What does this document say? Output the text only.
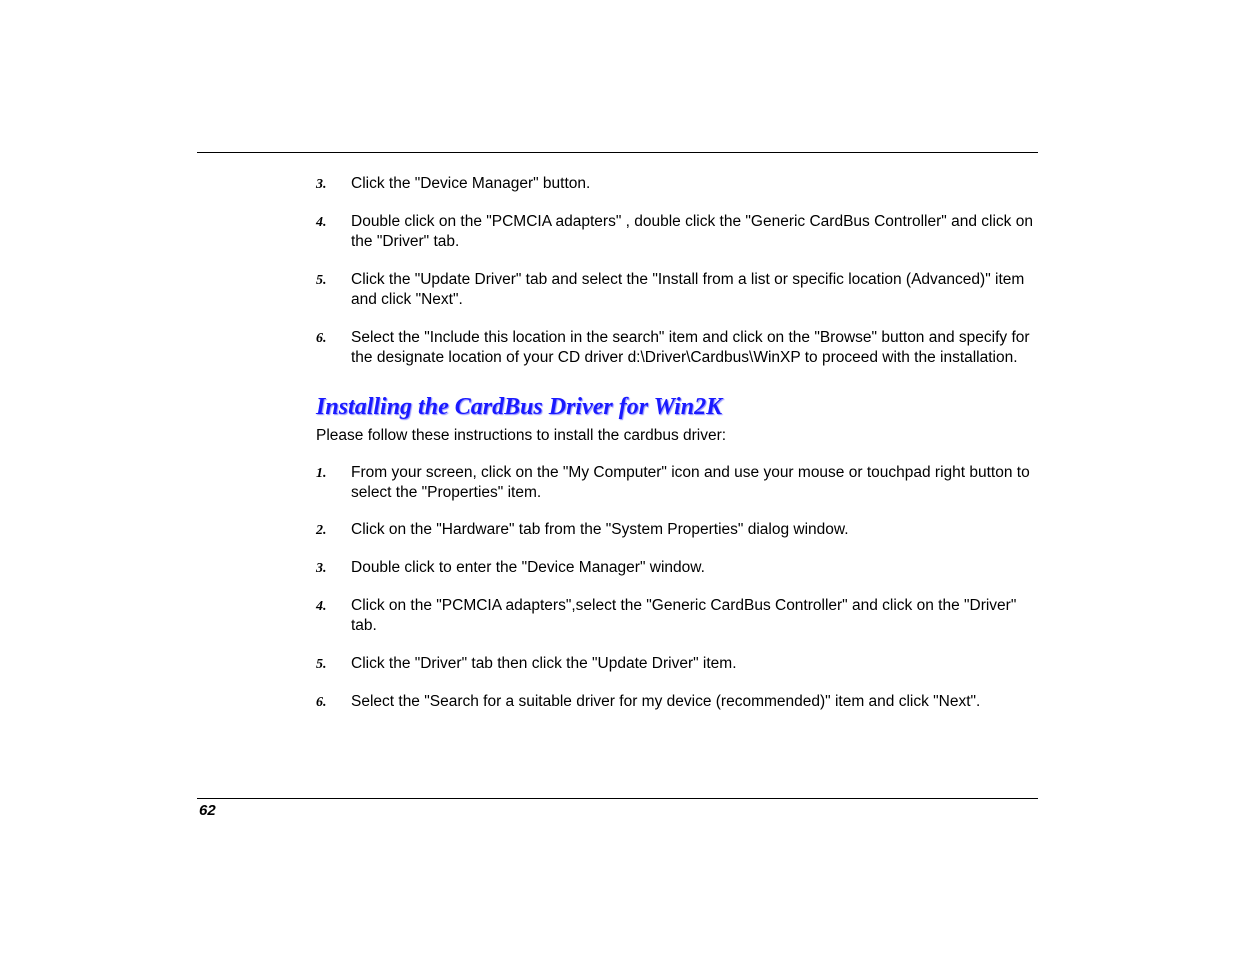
3. Click the "Device Manager" button.
4. Double click on the "PCMCIA adapters" , double click the "Generic CardBus Controller" and click on the "Driver" tab.
5. Click the "Update Driver" tab and select the "Install from a list or specific location (Advanced)" item and click "Next".
6. Select the "Include this location in the search" item and click on the "Browse" button and specify for the designate location of your CD driver d:\Driver\Cardbus\WinXP to proceed with the installation.
Installing the CardBus Driver for Win2K
Please follow these instructions to install the cardbus driver:
1. From your screen, click on the "My Computer" icon and use your mouse or touchpad right button to select the "Properties" item.
2. Click on the "Hardware" tab from the "System Properties" dialog window.
3. Double click to enter the "Device Manager" window.
4. Click on the "PCMCIA adapters",select the "Generic CardBus Controller" and click on the "Driver" tab.
5. Click the "Driver" tab then click the "Update Driver" item.
6. Select the "Search for a suitable driver for my device (recommended)" item and click "Next".
62
